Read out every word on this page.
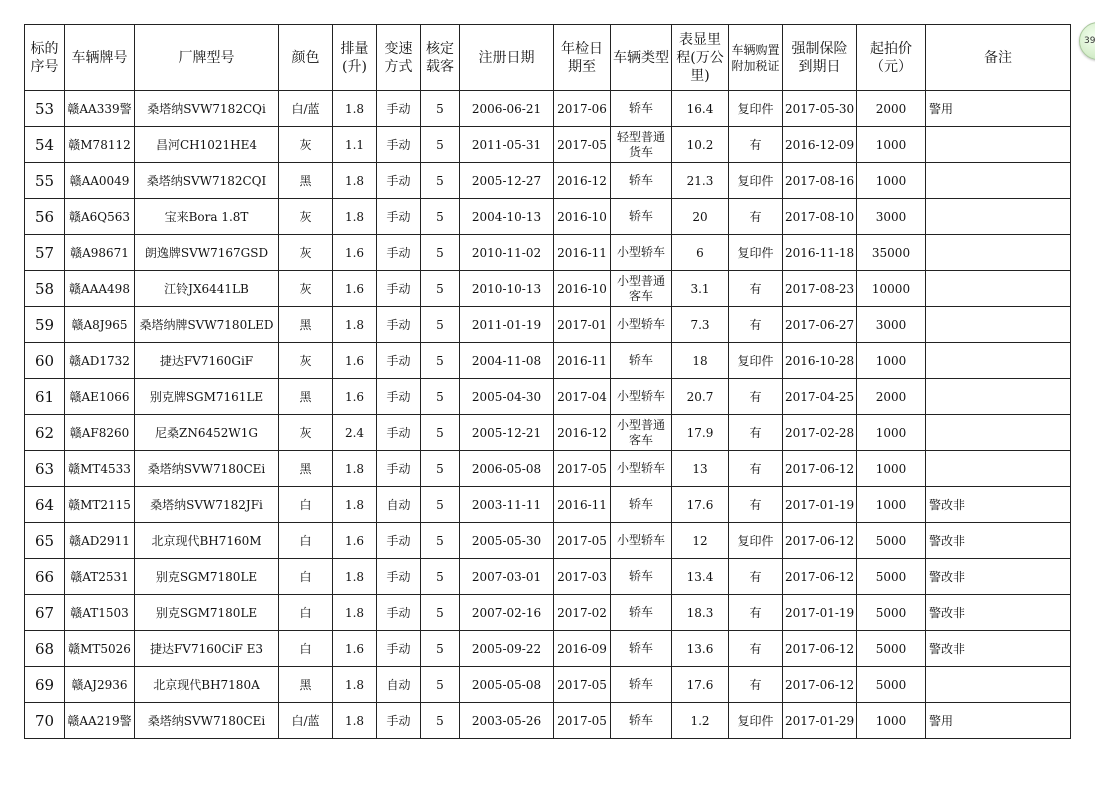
39
标的序号	车辆牌号	厂牌型号	颜色	排量(升)	变速方式	核定载客	注册日期	年检日期至	车辆类型	表显里程(万公里)	车辆购置附加税证	强制保险到期日	起拍价（元）	备注
53	赣AA339警	桑塔纳SVW7182CQi	白/蓝	1.8	手动	5	2006-06-21	2017-06	轿车	16.4	复印件	2017-05-30	2000	警用
54	赣M78112	昌河CH1021HE4	灰	1.1	手动	5	2011-05-31	2017-05	轻型普通货车	10.2	有	2016-12-09	1000	
55	赣AA0049	桑塔纳SVW7182CQI	黑	1.8	手动	5	2005-12-27	2016-12	轿车	21.3	复印件	2017-08-16	1000	
56	赣A6Q563	宝来Bora 1.8T	灰	1.8	手动	5	2004-10-13	2016-10	轿车	20	有	2017-08-10	3000	
57	赣A98671	朗逸牌SVW7167GSD	灰	1.6	手动	5	2010-11-02	2016-11	小型轿车	6	复印件	2016-11-18	35000	
58	赣AAA498	江铃JX6441LB	灰	1.6	手动	5	2010-10-13	2016-10	小型普通客车	3.1	有	2017-08-23	10000	
59	赣A8J965	桑塔纳牌SVW7180LED	黑	1.8	手动	5	2011-01-19	2017-01	小型轿车	7.3	有	2017-06-27	3000	
60	赣AD1732	捷达FV7160GiF	灰	1.6	手动	5	2004-11-08	2016-11	轿车	18	复印件	2016-10-28	1000	
61	赣AE1066	别克牌SGM7161LE	黑	1.6	手动	5	2005-04-30	2017-04	小型轿车	20.7	有	2017-04-25	2000	
62	赣AF8260	尼桑ZN6452W1G	灰	2.4	手动	5	2005-12-21	2016-12	小型普通客车	17.9	有	2017-02-28	1000	
63	赣MT4533	桑塔纳SVW7180CEi	黑	1.8	手动	5	2006-05-08	2017-05	小型轿车	13	有	2017-06-12	1000	
64	赣MT2115	桑塔纳SVW7182JFi	白	1.8	自动	5	2003-11-11	2016-11	轿车	17.6	有	2017-01-19	1000	警改非
65	赣AD2911	北京现代BH7160M	白	1.6	手动	5	2005-05-30	2017-05	小型轿车	12	复印件	2017-06-12	5000	警改非
66	赣AT2531	别克SGM7180LE	白	1.8	手动	5	2007-03-01	2017-03	轿车	13.4	有	2017-06-12	5000	警改非
67	赣AT1503	别克SGM7180LE	白	1.8	手动	5	2007-02-16	2017-02	轿车	18.3	有	2017-01-19	5000	警改非
68	赣MT5026	捷达FV7160CiF E3	白	1.6	手动	5	2005-09-22	2016-09	轿车	13.6	有	2017-06-12	5000	警改非
69	赣AJ2936	北京现代BH7180A	黑	1.8	自动	5	2005-05-08	2017-05	轿车	17.6	有	2017-06-12	5000	
70	赣AA219警	桑塔纳SVW7180CEi	白/蓝	1.8	手动	5	2003-05-26	2017-05	轿车	1.2	复印件	2017-01-29	1000	警用
